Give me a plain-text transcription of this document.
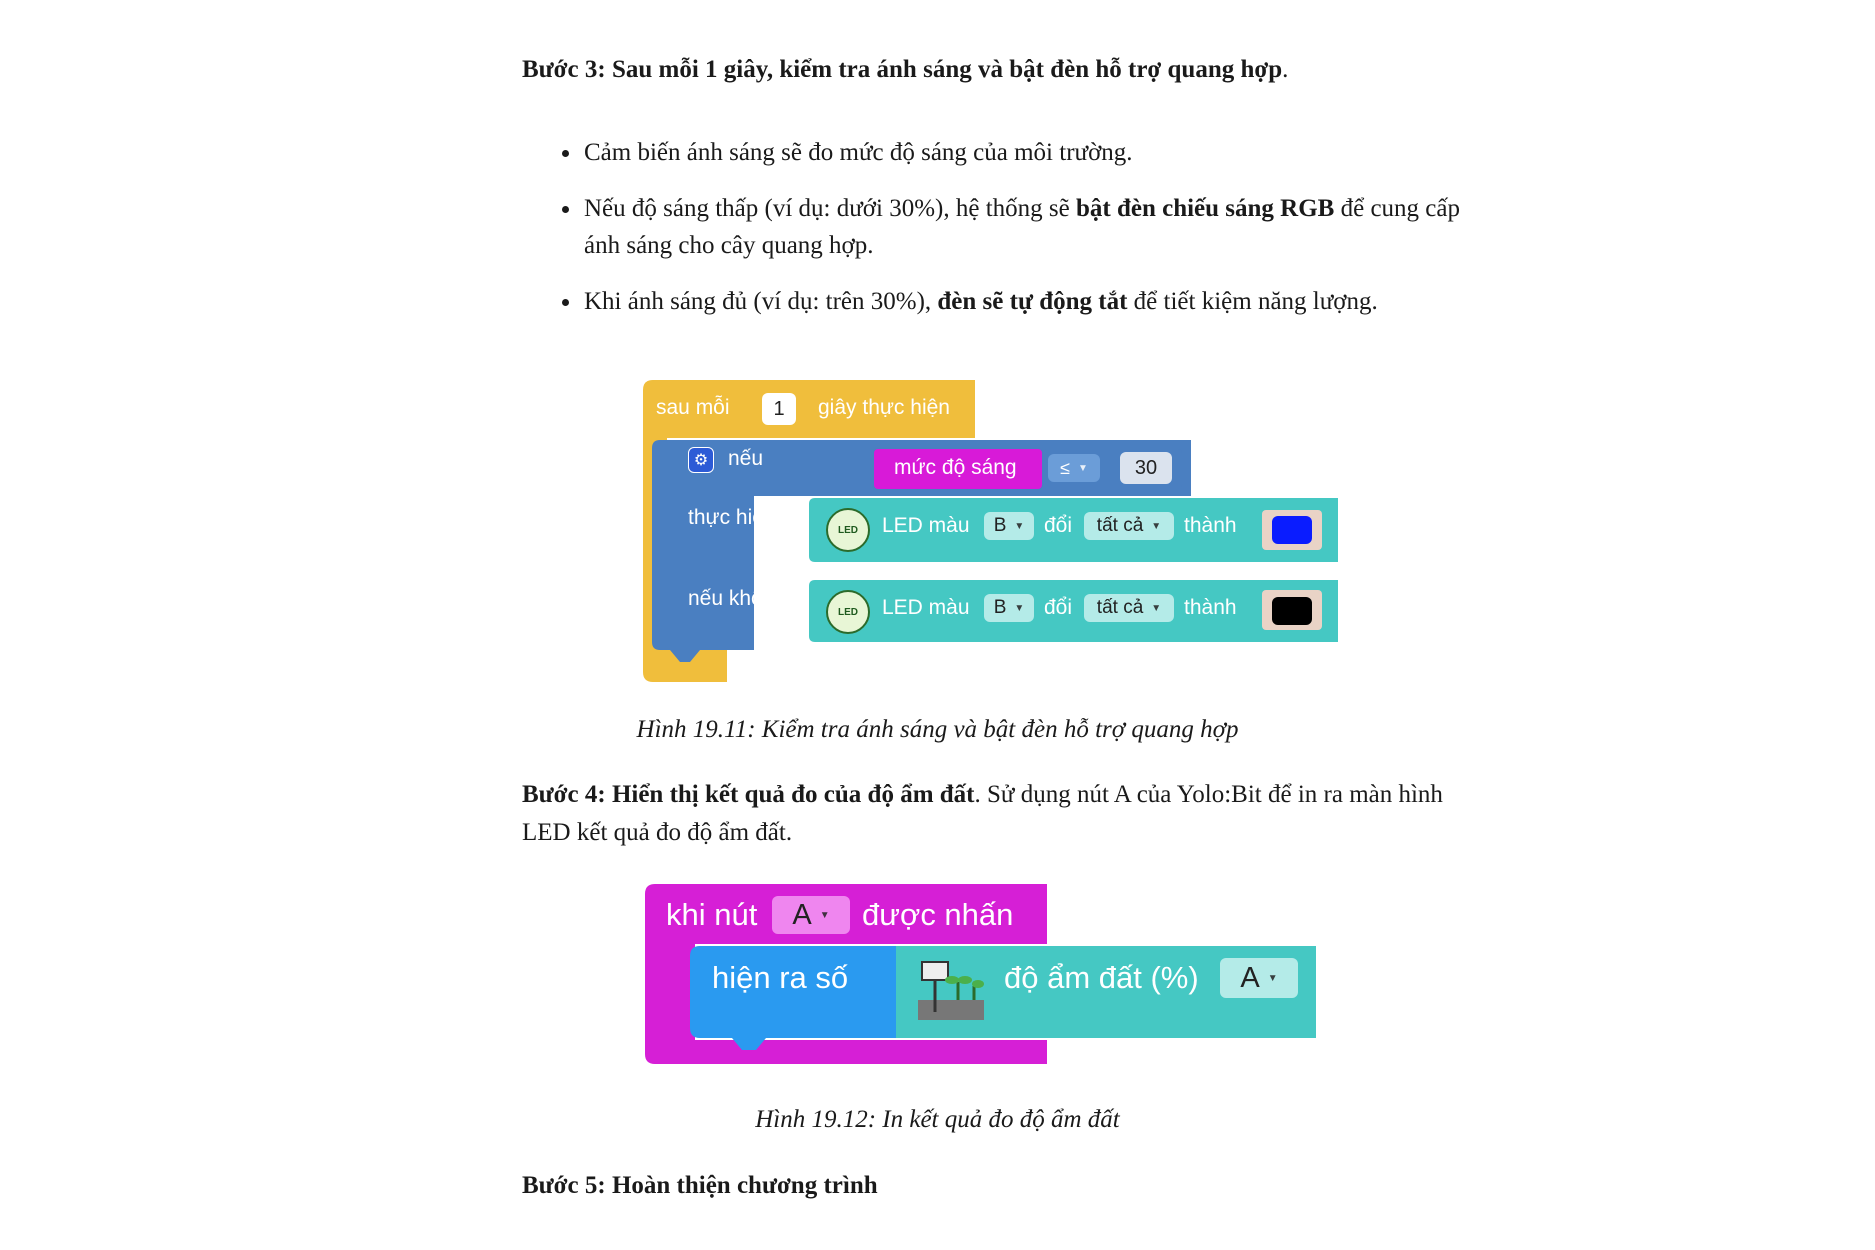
Bước 3: Sau mỗi 1 giây, kiểm tra ánh sáng và bật đèn hỗ trợ quang hợp.
Cảm biến ánh sáng sẽ đo mức độ sáng của môi trường.
Nếu độ sáng thấp (ví dụ: dưới 30%), hệ thống sẽ bật đèn chiếu sáng RGB để cung cấp ánh sáng cho cây quang hợp.
Khi ánh sáng đủ (ví dụ: trên 30%), đèn sẽ tự động tắt để tiết kiệm năng lượng.
sau mỗi	1	giây thực hiện
⚙ nếu	mức độ sáng ≤ ▼	30
thực hiện
nếu không
LED LED màu B ▼ đổi tất cả ▼ thành
LED LED màu B ▼ đổi tất cả ▼ thành
Hình 19.11: Kiểm tra ánh sáng và bật đèn hỗ trợ quang hợp
Bước 4: Hiển thị kết quả đo của độ ẩm đất. Sử dụng nút A của Yolo:Bit để in ra màn hình LED kết quả đo độ ẩm đất.
khi nút A ▼ được nhấn
hiện ra số	độ ẩm đất (%) A ▼
Hình 19.12: In kết quả đo độ ẩm đất
Bước 5: Hoàn thiện chương trình
